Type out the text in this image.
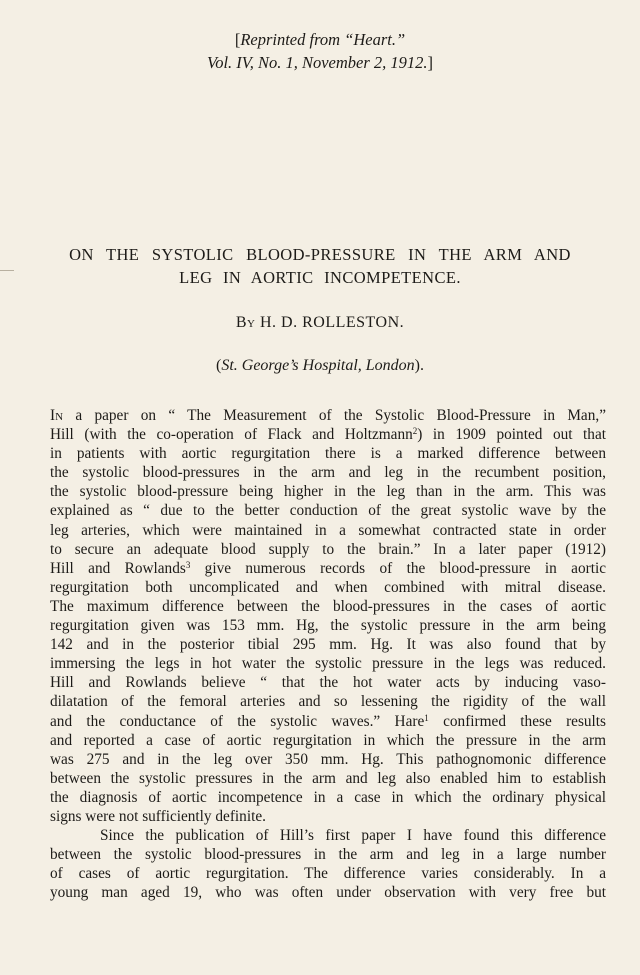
[Reprinted from “Heart.”
Vol. IV, No. 1, November 2, 1912.]
ON THE SYSTOLIC BLOOD-PRESSURE IN THE ARM AND
LEG IN AORTIC INCOMPETENCE.
By H. D. ROLLESTON.
(St. George’s Hospital, London).
In a paper on “ The Measurement of the Systolic Blood-Pressure in Man,”
Hill (with the co-operation of Flack and Holtzmann$^2$) in 1909 pointed out that
in patients with aortic regurgitation there is a marked difference between
the systolic blood-pressures in the arm and leg in the recumbent position,
the systolic blood-pressure being higher in the leg than in the arm. This was
explained as “ due to the better conduction of the great systolic wave by the
leg arteries, which were maintained in a somewhat contracted state in order
to secure an adequate blood supply to the brain.” In a later paper (1912)
Hill and Rowlands$^3$ give numerous records of the blood-pressure in aortic
regurgitation both uncomplicated and when combined with mitral disease.
The maximum difference between the blood-pressures in the cases of aortic
regurgitation given was 153 mm. Hg, the systolic pressure in the arm being
142 and in the posterior tibial 295 mm. Hg. It was also found that by
immersing the legs in hot water the systolic pressure in the legs was reduced.
Hill and Rowlands believe “ that the hot water acts by inducing vaso-
dilatation of the femoral arteries and so lessening the rigidity of the wall
and the conductance of the systolic waves.” Hare$^1$ confirmed these results
and reported a case of aortic regurgitation in which the pressure in the arm
was 275 and in the leg over 350 mm. Hg. This pathognomonic difference
between the systolic pressures in the arm and leg also enabled him to establish
the diagnosis of aortic incompetence in a case in which the ordinary physical
signs were not sufficiently definite.
Since the publication of Hill’s first paper I have found this difference
between the systolic blood-pressures in the arm and leg in a large number
of cases of aortic regurgitation. The difference varies considerably. In a
young man aged 19, who was often under observation with very free but
